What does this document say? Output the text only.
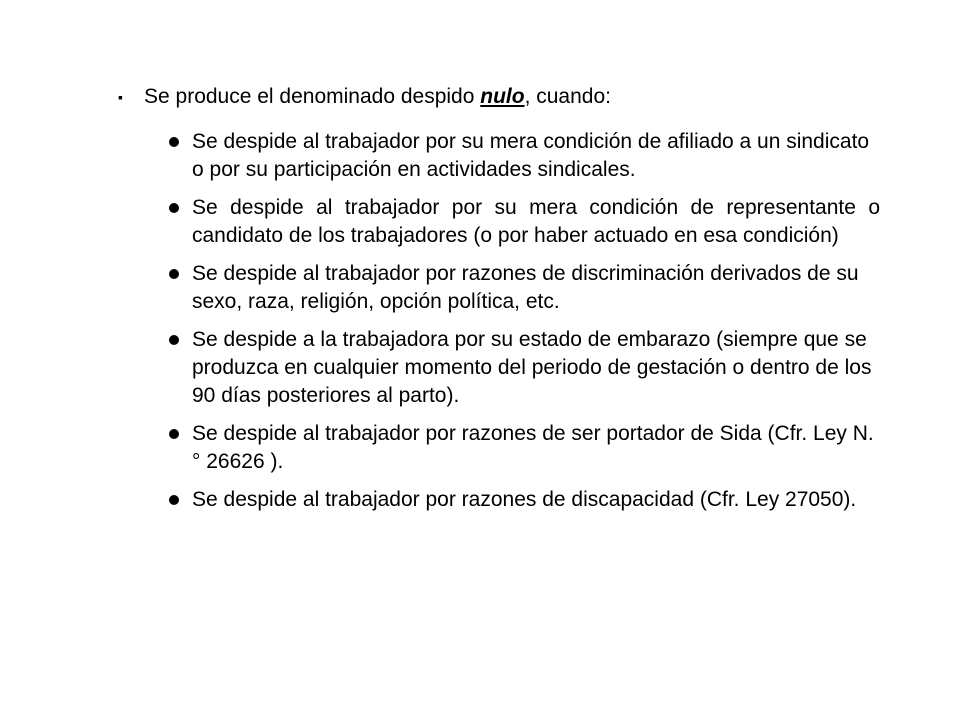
▪	Se produce el denominado despido nulo, cuando:
Se despide al trabajador por su mera condición de afiliado a un sindicato o por su participación en actividades sindicales.
Se despide al trabajador por su mera condición de representante o candidato de los trabajadores (o por haber actuado en esa condición)
Se despide al trabajador por razones de discriminación derivados de su sexo, raza, religión, opción política, etc.
Se despide a la trabajadora por su estado de embarazo (siempre que se produzca en cualquier momento del periodo de gestación o dentro de los 90 días posteriores al parto).
Se despide al trabajador por razones de ser portador de Sida (Cfr. Ley N.° 26626 ).
Se despide al trabajador por razones de discapacidad (Cfr. Ley 27050).
